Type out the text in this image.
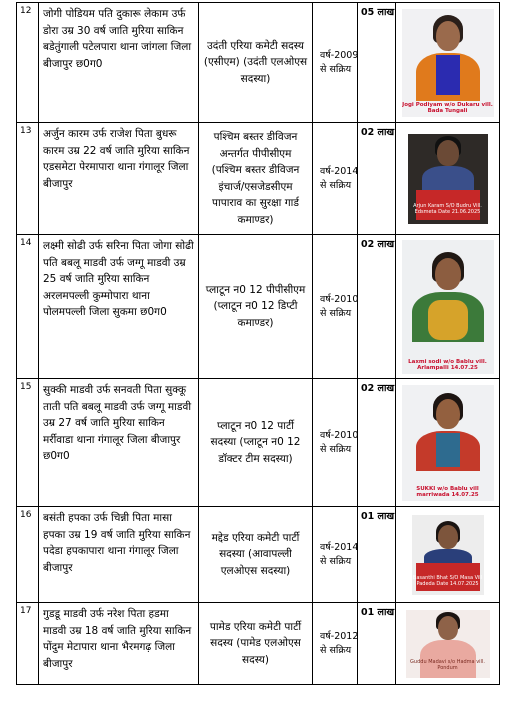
12	जोगी पोडियम पति दुकारू लेकाम उर्फ डोरा उम्र 30 वर्ष जाति मुरिया साकिन बडेतुंगाली पटेलपारा थाना जांगला जिला बीजापुर छ0ग0	उदंती एरिया कमेटी सदस्य (एसीएम) (उदंती एलओएस सदस्या)	वर्ष-2009 से सक्रिय	05 लाख	Jogi Podiyam w/o Dukaru vill. Bada Tungali

13	अर्जुन कारम उर्फ राजेश पिता बुधरू कारम उम्र 22 वर्ष जाति मुरिया साकिन एडसमेटा पेरमापारा थाना गंगालूर जिला बीजापुर	पश्चिम बस्तर डीविजन अन्तर्गत पीपीसीएम (पश्चिम बस्तर डीविजन इंचार्ज/एसजेडसीएम पापाराव का सुरक्षा गार्ड कमाण्डर)	वर्ष-2014 से सक्रिय	02 लाख	Arjun Karam S/O Budru Vill. Edsmeta Date 21.06.2025

14	लक्ष्मी सोढी उर्फ सरिना पिता जोगा सोढी पति बबलू माडवी उर्फ जग्गू माडवी उम्र 25 वर्ष जाति मुरिया साकिन अरलमपल्ली कुम्मोपारा थाना पोलमपल्ली जिला सुकमा छ0ग0	प्लाटून न0 12 पीपीसीएम (प्लाटून न0 12 डिप्टी कमाण्डर)	वर्ष-2010 से सक्रिय	02 लाख	Laxmi sodi w/o Bablu vill. Arlampalli 14.07.25

15	सुक्की माडवी उर्फ सनवती पिता सुक्कू ताती पति बबलू माडवी उर्फ जग्गू माडवी उम्र 27 वर्ष जाति मुरिया साकिन मर्रीवाडा थाना गंगालूर जिला बीजापुर छ0ग0	प्लाटून न0 12 पार्टी सदस्या (प्लाटून न0 12 डॉक्टर टीम सदस्या)	वर्ष-2010 से सक्रिय	02 लाख	SUKKI w/o Bablu vill marriwada 14.07.25

16	बसंती हपका उर्फ चिन्नी पिता मासा हपका उम्र 19 वर्ष जाति मुरिया साकिन पदेडा हपकापारा थाना गंगालूर जिला बीजापुर	मद्देड एरिया कमेटी पार्टी सदस्या (आवापल्ली एलओएस सदस्या)	वर्ष-2014 से सक्रिय	01 लाख	Basanthi Bhat S/O Masa Vill Padeda Date 14.07.2025

17	गुडडू माडवी उर्फ नरेश पिता हडमा माडवी उम्र 18 वर्ष जाति मुरिया साकिन पोंदुम मेटापारा थाना भैरमगढ़ जिला बीजापुर	पामेड एरिया कमेटी पार्टी सदस्य (पामेड एलओएस सदस्य)	वर्ष-2012 से सक्रिय	01 लाख	Guddu Madavi s/o Hadma vill. Pondum
